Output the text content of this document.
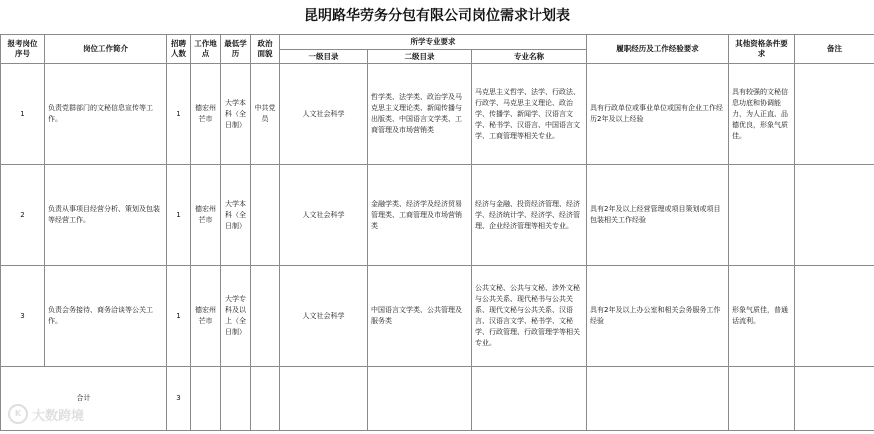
昆明路华劳务分包有限公司岗位需求计划表
报考岗位序号	岗位工作简介	招聘人数	工作地点	最低学历	政治面貌	所学专业要求			履职经历及工作经验要求	其他资格条件要求	备注
						一级目录	二级目录	专业名称			
1	负责党群部门的文秘信息宣传等工作。	1	德宏州芒市	大学本科（全日制）	中共党员	人文社会科学	哲学类、法学类、政治学及马克思主义理论类、新闻传播与出版类、中国语言文学类、工商管理及市场营销类	马克思主义哲学、法学、行政法、行政学、马克思主义理论、政治学、传播学、新闻学、汉语言文学、秘书学、汉语言、中国语言文学、工商管理等相关专业。	具有行政单位或事业单位或国有企业工作经历2年及以上经验	具有较强的文秘信息功底和协调能力，为人正直、品德优良，形象气质佳。	
2	负责从事项目经营分析、策划及包装等经营工作。	1	德宏州芒市	大学本科（全日制）		人文社会科学	金融学类、经济学及经济贸易管理类、工商管理及市场营销类	经济与金融、投资经济管理、经济学、经济统计学、经济学、经济管理、企业经济管理等相关专业。	具有2年及以上经营管理或项目策划或项目包装相关工作经验		
3	负责会务接待、商务洽谈等公关工作。	1	德宏州芒市	大学专科及以上（全日制）		人文社会科学	中国语言文学类、公共管理及服务类	公共文秘、公共与文秘、涉外文秘与公共关系、现代秘书与公共关系、现代文秘与公共关系、汉语言、汉语言文学、秘书学、文秘学、行政管理、行政管理学等相关专业。	具有2年及以上办公室和相关会务服务工作经验	形象气质佳，普通话流利。	
合计		3									
K 大数跨境
